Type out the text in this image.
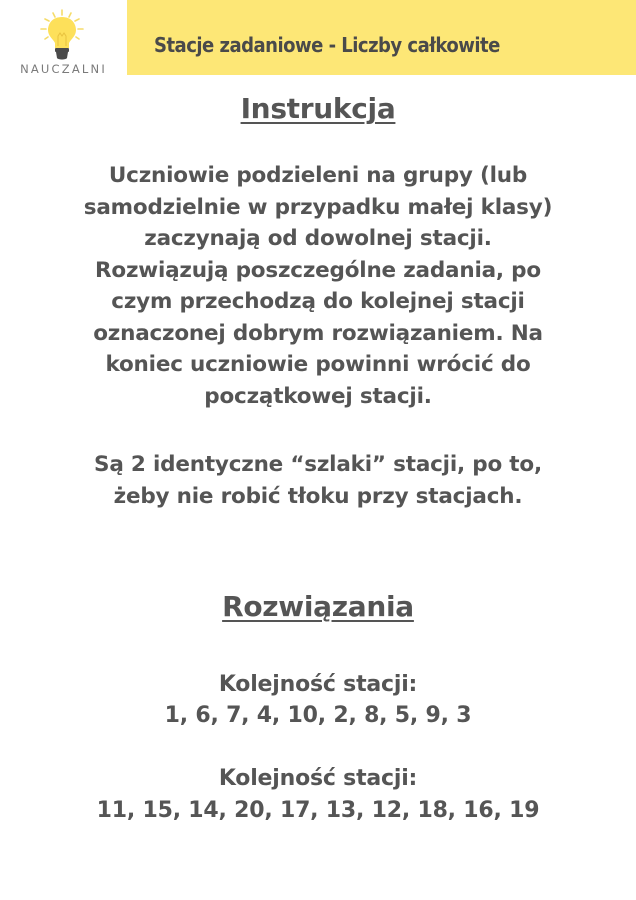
NAUCZALNI
Stacje zadaniowe - Liczby całkowite
Instrukcja
Uczniowie podzieleni na grupy (lub
samodzielnie w przypadku małej klasy)
zaczynają od dowolnej stacji.
Rozwiązują poszczególne zadania, po
czym przechodzą do kolejnej stacji
oznaczonej dobrym rozwiązaniem. Na
koniec uczniowie powinni wrócić do
początkowej stacji.
Są 2 identyczne “szlaki” stacji, po to,
żeby nie robić tłoku przy stacjach.
Rozwiązania
Kolejność stacji:
1, 6, 7, 4, 10, 2, 8, 5, 9, 3
Kolejność stacji:
11, 15, 14, 20, 17, 13, 12, 18, 16, 19
